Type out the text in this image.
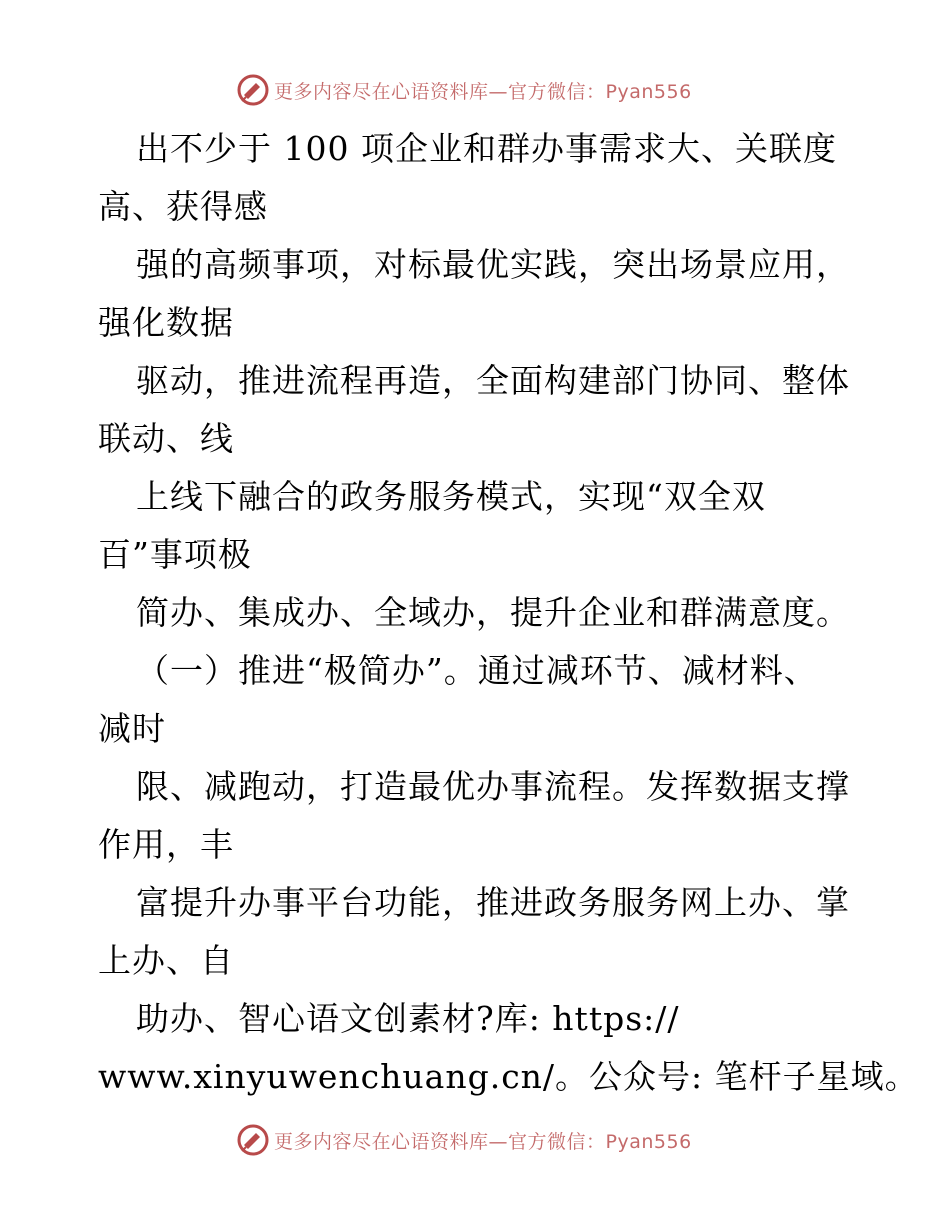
更多内容尽在心语资料库—官方微信：Pyan556
出不少于 100 项企业和群办事需求大、关联度
高、获得感
强的高频事项，对标最优实践，突出场景应用，
强化数据
驱动，推进流程再造，全面构建部门协同、整体
联动、线
上线下融合的政务服务模式，实现“双全双
百”事项极
简办、集成办、全域办，提升企业和群满意度。
（一）推进“极简办”。通过减环节、减材料、
减时
限、减跑动，打造最优办事流程。发挥数据支撑
作用，丰
富提升办事平台功能，推进政务服务网上办、掌
上办、自
助办、智心语文创素材?库: https://
www.xinyuwenchuang.cn/。公众号: 笔杆子星域。
更多内容尽在心语资料库—官方微信：Pyan556
